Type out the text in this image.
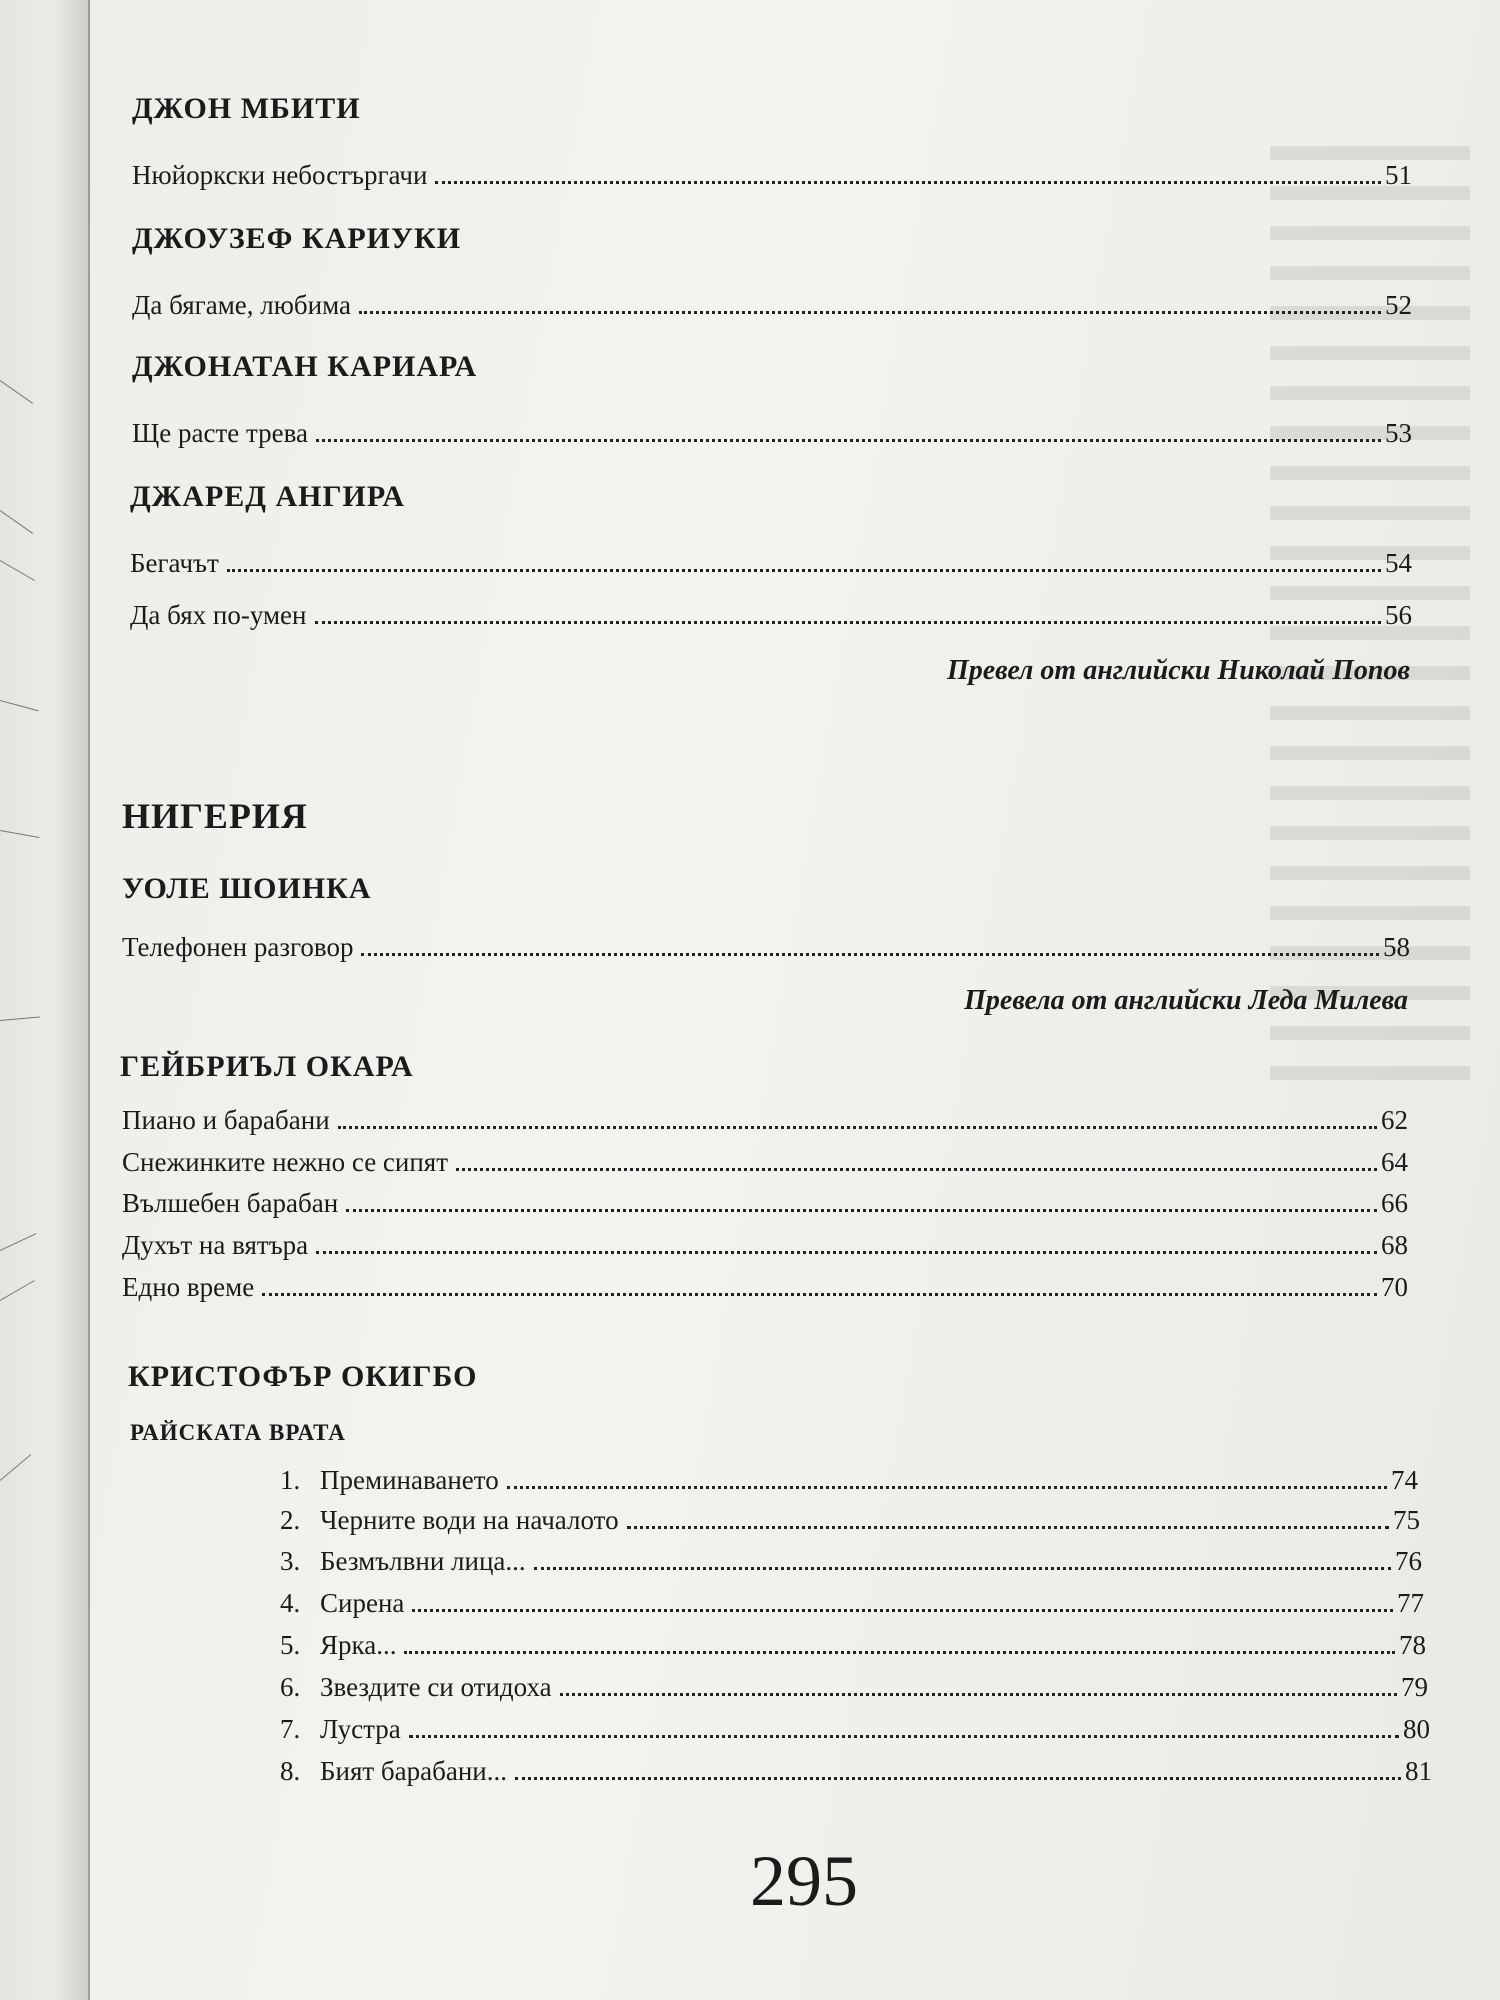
ДЖОН МБИТИ
Нюйоркски небостъргачи	51
ДЖОУЗЕФ КАРИУКИ
Да бягаме, любима	52
ДЖОНАТАН КАРИАРА
Ще расте трева	53
ДЖАРЕД АНГИРА
Бегачът	54
Да бях по-умен	56
Превел от английски Николай Попов
НИГЕРИЯ
УОЛЕ ШОИНКА
Телефонен разговор	58
Превела от английски Леда Милева
ГЕЙБРИЪЛ ОКАРА
Пиано и барабани	62
Снежинките нежно се сипят	64
Вълшебен барабан	66
Духът на вятъра	68
Едно време	70
КРИСТОФЪР ОКИГБО
РАЙСКАТА ВРАТА
1. Преминаването	74
2. Черните води на началото	75
3. Безмълвни лица...	76
4. Сирена	77
5. Ярка...	78
6. Звездите си отидоха	79
7. Лустра	80
8. Бият барабани...	81
295
